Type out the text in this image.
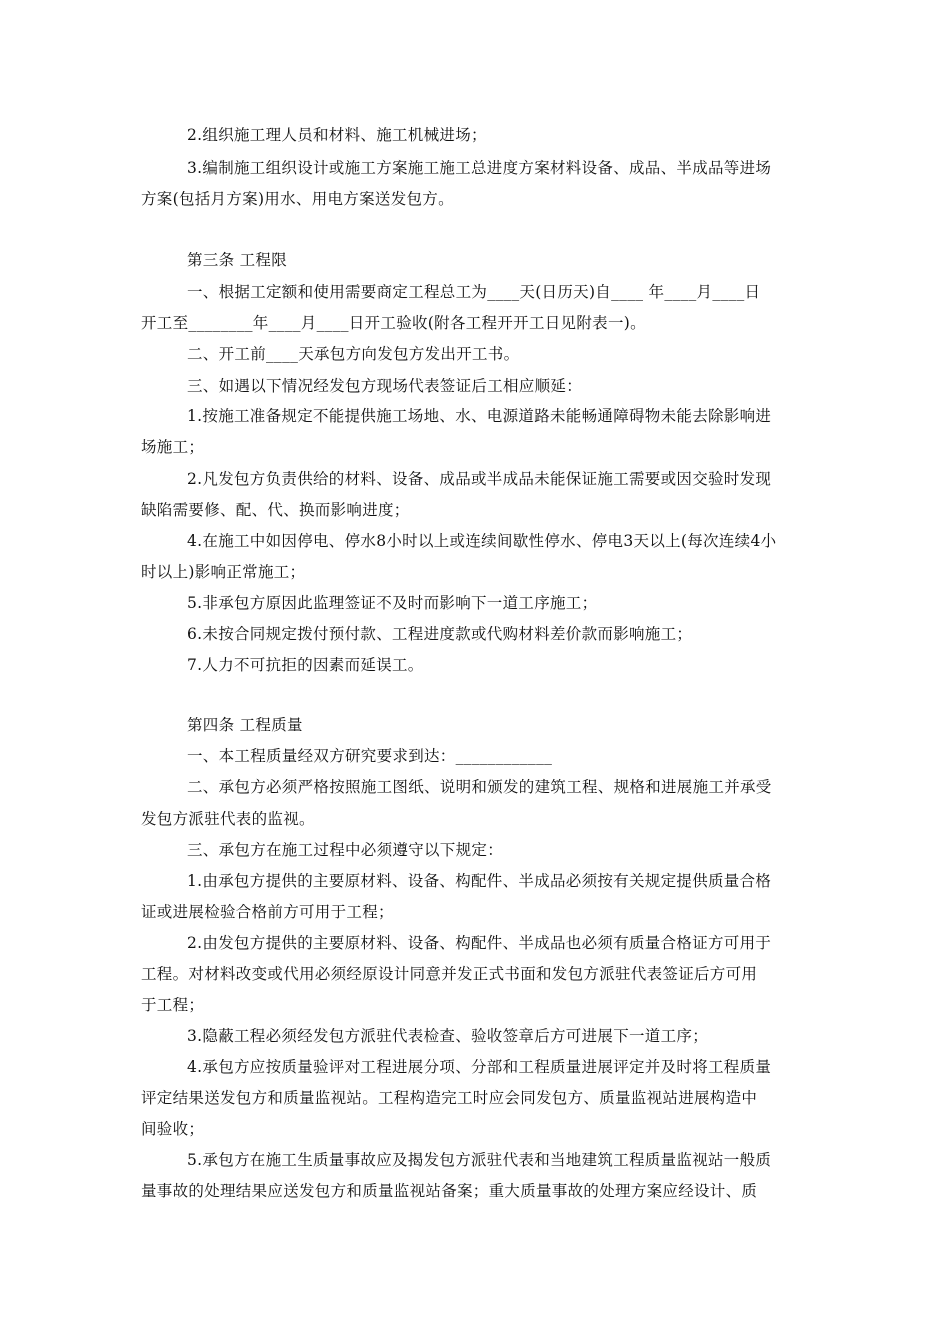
2.组织施工理人员和材料、施工机械进场；
3.编制施工组织设计或施工方案施工施工总进度方案材料设备、成品、半成品等进场
方案(包括月方案)用水、用电方案送发包方。
第三条 工程限
一、根据工定额和使用需要商定工程总工为____天(日历天)自____ 年____月____日
开工至________年____月____日开工验收(附各工程开开工日见附表一)。
二、开工前____天承包方向发包方发出开工书。
三、如遇以下情况经发包方现场代表签证后工相应顺延：
1.按施工准备规定不能提供施工场地、水、电源道路未能畅通障碍物未能去除影响进
场施工；
2.凡发包方负责供给的材料、设备、成品或半成品未能保证施工需要或因交验时发现
缺陷需要修、配、代、换而影响进度；
4.在施工中如因停电、停水8小时以上或连续间歇性停水、停电3天以上(每次连续4小
时以上)影响正常施工；
5.非承包方原因此监理签证不及时而影响下一道工序施工；
6.未按合同规定拨付预付款、工程进度款或代购材料差价款而影响施工；
7.人力不可抗拒的因素而延误工。
第四条 工程质量
一、本工程质量经双方研究要求到达：____________
二、承包方必须严格按照施工图纸、说明和颁发的建筑工程、规格和进展施工并承受
发包方派驻代表的监视。
三、承包方在施工过程中必须遵守以下规定：
1.由承包方提供的主要原材料、设备、构配件、半成品必须按有关规定提供质量合格
证或进展检验合格前方可用于工程；
2.由发包方提供的主要原材料、设备、构配件、半成品也必须有质量合格证方可用于
工程。对材料改变或代用必须经原设计同意并发正式书面和发包方派驻代表签证后方可用
于工程；
3.隐蔽工程必须经发包方派驻代表检查、验收签章后方可进展下一道工序；
4.承包方应按质量验评对工程进展分项、分部和工程质量进展评定并及时将工程质量
评定结果送发包方和质量监视站。工程构造完工时应会同发包方、质量监视站进展构造中
间验收；
5.承包方在施工生质量事故应及揭发包方派驻代表和当地建筑工程质量监视站一般质
量事故的处理结果应送发包方和质量监视站备案；重大质量事故的处理方案应经设计、质
